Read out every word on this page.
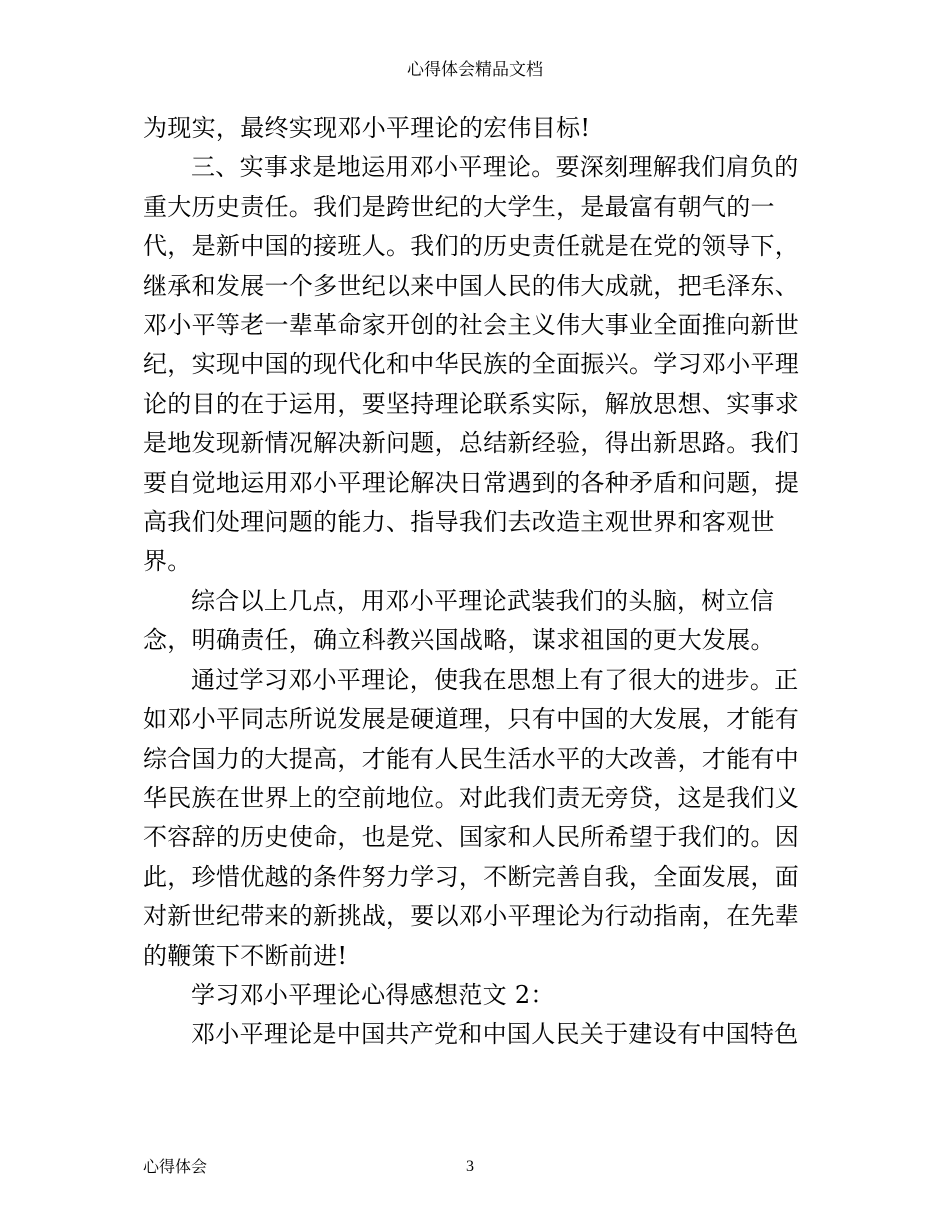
心得体会精品文档

为现实，最终实现邓小平理论的宏伟目标!
三、实事求是地运用邓小平理论。要深刻理解我们肩负的
重大历史责任。我们是跨世纪的大学生，是最富有朝气的一
代，是新中国的接班人。我们的历史责任就是在党的领导下，
继承和发展一个多世纪以来中国人民的伟大成就，把毛泽东、
邓小平等老一辈革命家开创的社会主义伟大事业全面推向新世
纪，实现中国的现代化和中华民族的全面振兴。学习邓小平理
论的目的在于运用，要坚持理论联系实际，解放思想、实事求
是地发现新情况解决新问题，总结新经验，得出新思路。我们
要自觉地运用邓小平理论解决日常遇到的各种矛盾和问题，提
高我们处理问题的能力、指导我们去改造主观世界和客观世
界。
综合以上几点，用邓小平理论武装我们的头脑，树立信
念，明确责任，确立科教兴国战略，谋求祖国的更大发展。
通过学习邓小平理论，使我在思想上有了很大的进步。正
如邓小平同志所说发展是硬道理，只有中国的大发展，才能有
综合国力的大提高，才能有人民生活水平的大改善，才能有中
华民族在世界上的空前地位。对此我们责无旁贷，这是我们义
不容辞的历史使命，也是党、国家和人民所希望于我们的。因
此，珍惜优越的条件努力学习，不断完善自我，全面发展，面
对新世纪带来的新挑战，要以邓小平理论为行动指南，在先辈
的鞭策下不断前进!
学习邓小平理论心得感想范文 2：
邓小平理论是中国共产党和中国人民关于建设有中国特色

心得体会	3
